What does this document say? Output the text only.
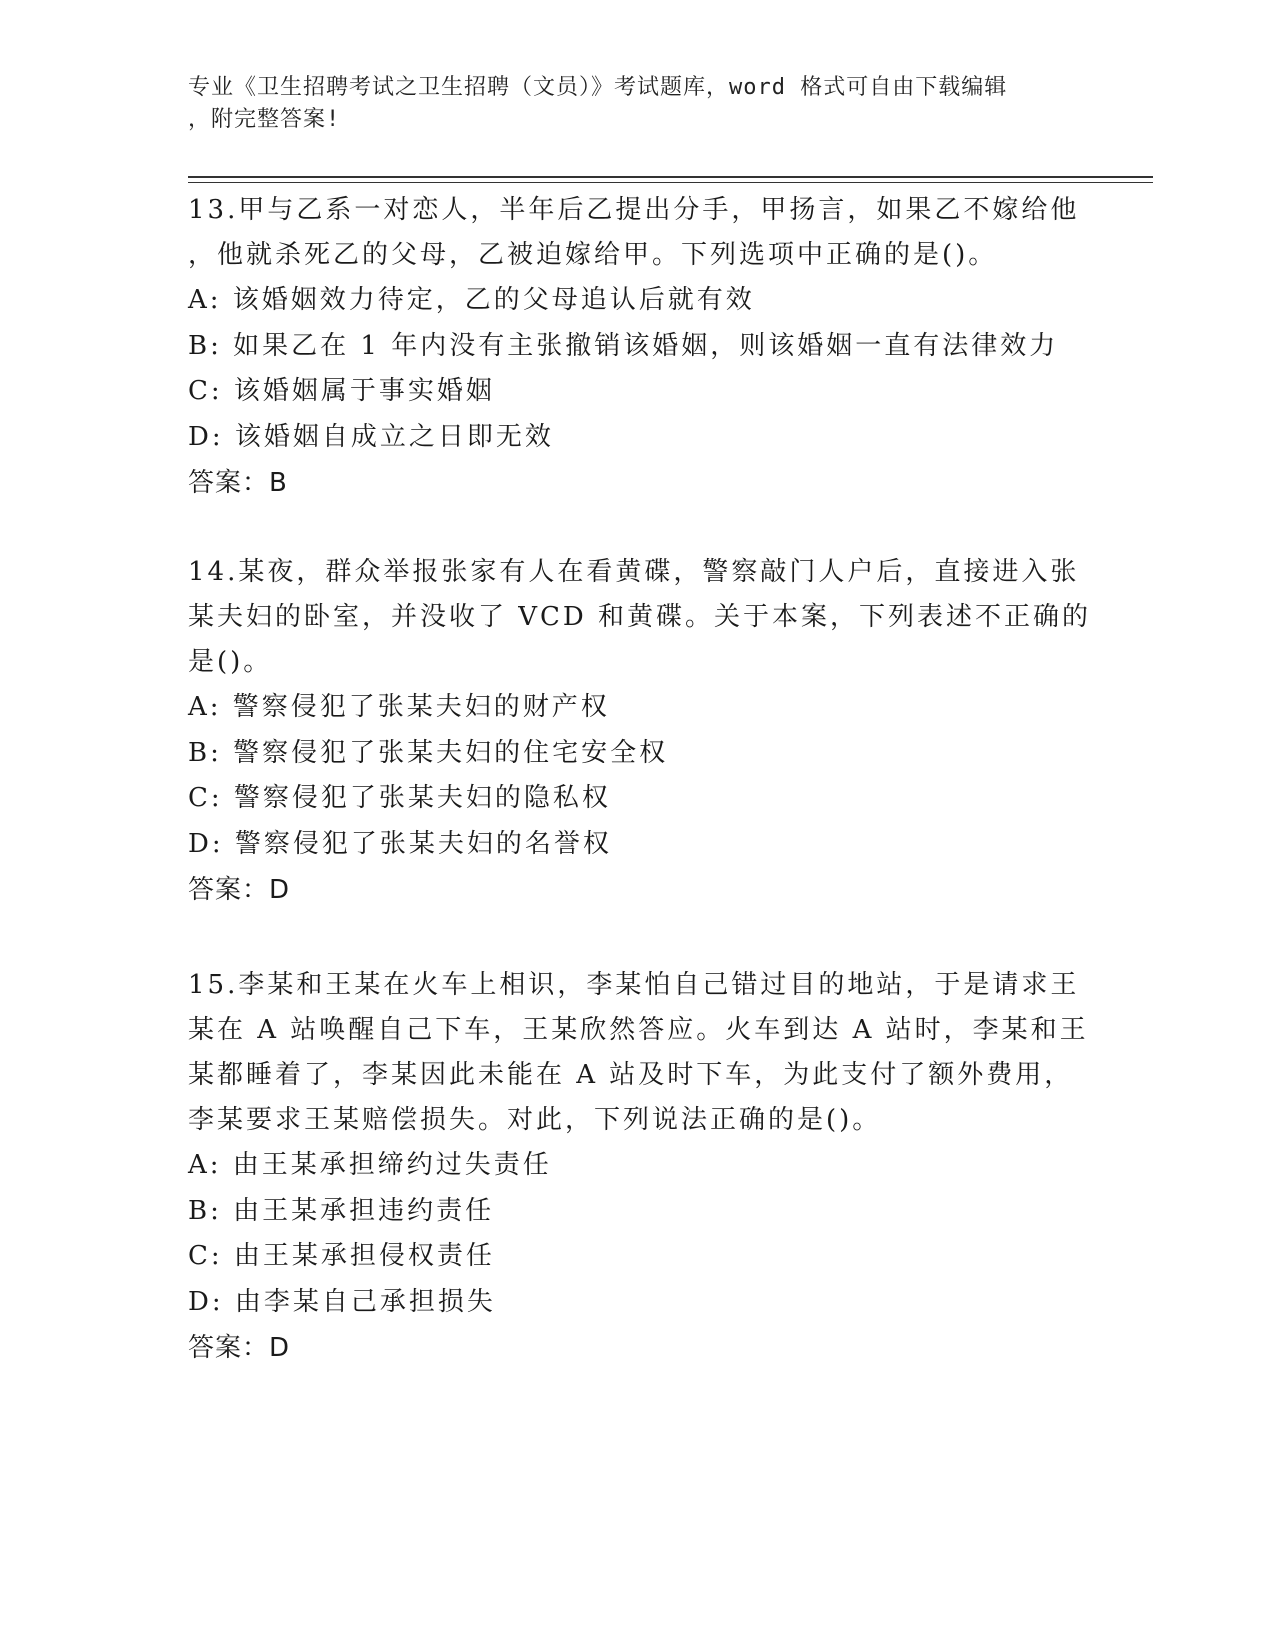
专业《卫生招聘考试之卫生招聘（文员）》考试题库，word 格式可自由下载编辑
，附完整答案!
13.甲与乙系一对恋人，半年后乙提出分手，甲扬言，如果乙不嫁给他
，他就杀死乙的父母，乙被迫嫁给甲。下列选项中正确的是()。
A: 该婚姻效力待定，乙的父母追认后就有效
B: 如果乙在 1 年内没有主张撤销该婚姻，则该婚姻一直有法律效力
C: 该婚姻属于事实婚姻
D: 该婚姻自成立之日即无效
答案：B
14.某夜，群众举报张家有人在看黄碟，警察敲门人户后，直接进入张
某夫妇的卧室，并没收了 VCD 和黄碟。关于本案，下列表述不正确的
是()。
A: 警察侵犯了张某夫妇的财产权
B: 警察侵犯了张某夫妇的住宅安全权
C: 警察侵犯了张某夫妇的隐私权
D: 警察侵犯了张某夫妇的名誉权
答案：D
15.李某和王某在火车上相识，李某怕自己错过目的地站，于是请求王
某在 A 站唤醒自己下车，王某欣然答应。火车到达 A 站时，李某和王
某都睡着了，李某因此未能在 A 站及时下车，为此支付了额外费用，
李某要求王某赔偿损失。对此，下列说法正确的是()。
A: 由王某承担缔约过失责任
B: 由王某承担违约责任
C: 由王某承担侵权责任
D: 由李某自己承担损失
答案：D
